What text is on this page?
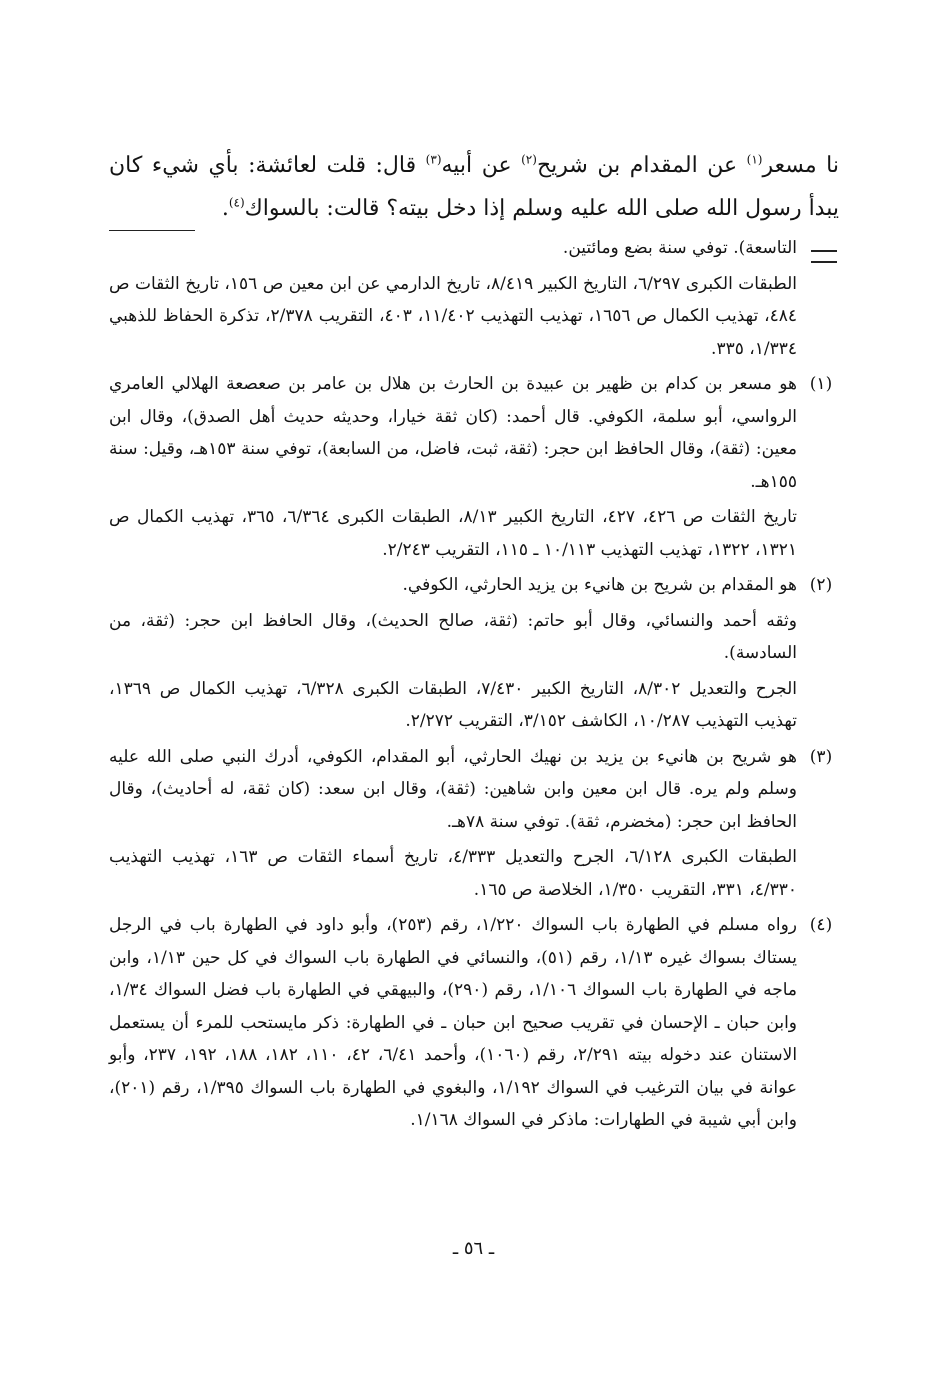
نا مسعر$^{(١)}$ عن المقدام بن شريح$^{(٢)}$ عن أبيه$^{(٣)}$ قال: قلت لعائشة: بأي شيء كان يبدأ رسول الله صلى الله عليه وسلم إذا دخل بيته؟ قالت: بالسواك$^{(٤)}$.

التاسعة). توفي سنة بضع ومائتين.

الطبقات الكبرى ٦/٢٩٧، التاريخ الكبير ٨/٤١٩، تاريخ الدارمي عن ابن معين ص ١٥٦، تاريخ الثقات ص ٤٨٤، تهذيب الكمال ص ١٦٥٦، تهذيب التهذيب ١١/٤٠٢، ٤٠٣، التقريب ٢/٣٧٨، تذكرة الحفاظ للذهبي ١/٣٣٤، ٣٣٥.

(١)
هو مسعر بن كدام بن ظهير بن عبيدة بن الحارث بن هلال بن عامر بن صعصعة الهلالي العامري الرواسي، أبو سلمة، الكوفي. قال أحمد: (كان ثقة خيارا، وحديثه حديث أهل الصدق)، وقال ابن معين: (ثقة)، وقال الحافظ ابن حجر: (ثقة، ثبت، فاضل، من السابعة)، توفي سنة ١٥٣هـ، وقيل: سنة ١٥٥هـ.

تاريخ الثقات ص ٤٢٦، ٤٢٧، التاريخ الكبير ٨/١٣، الطبقات الكبرى ٦/٣٦٤، ٣٦٥، تهذيب الكمال ص ١٣٢١، ١٣٢٢، تهذيب التهذيب ١٠/١١٣ ـ ١١٥، التقريب ٢/٢٤٣.

(٢)
هو المقدام بن شريح بن هانيء بن يزيد الحارثي، الكوفي.

وثقه أحمد والنسائي، وقال أبو حاتم: (ثقة، صالح الحديث)، وقال الحافظ ابن حجر: (ثقة، من السادسة).

الجرح والتعديل ٨/٣٠٢، التاريخ الكبير ٧/٤٣٠، الطبقات الكبرى ٦/٣٢٨، تهذيب الكمال ص ١٣٦٩، تهذيب التهذيب ١٠/٢٨٧، الكاشف ٣/١٥٢، التقريب ٢/٢٧٢.

(٣)
هو شريح بن هانيء بن يزيد بن نهيك الحارثي، أبو المقدام، الكوفي، أدرك النبي صلى الله عليه وسلم ولم يره. قال ابن معين وابن شاهين: (ثقة)، وقال ابن سعد: (كان ثقة، له أحاديث)، وقال الحافظ ابن حجر: (مخضرم، ثقة). توفي سنة ٧٨هـ.

الطبقات الكبرى ٦/١٢٨، الجرح والتعديل ٤/٣٣٣، تاريخ أسماء الثقات ص ١٦٣، تهذيب التهذيب ٤/٣٣٠، ٣٣١، التقريب ١/٣٥٠، الخلاصة ص ١٦٥.

(٤)
رواه مسلم في الطهارة باب السواك ١/٢٢٠، رقم (٢٥٣)، وأبو داود في الطهارة باب في الرجل يستاك بسواك غيره ١/١٣، رقم (٥١)، والنسائي في الطهارة باب السواك في كل حين ١/١٣، وابن ماجه في الطهارة باب السواك ١/١٠٦، رقم (٢٩٠)، والبيهقي في الطهارة باب فضل السواك ١/٣٤، وابن حبان ـ الإحسان في تقريب صحيح ابن حبان ـ في الطهارة: ذكر مايستحب للمرء أن يستعمل الاستنان عند دخوله بيته ٢/٢٩١، رقم (١٠٦٠)، وأحمد ٦/٤١، ٤٢، ١١٠، ١٨٢، ١٨٨، ١٩٢، ٢٣٧، وأبو عوانة في بيان الترغيب في السواك ١/١٩٢، والبغوي في الطهارة باب السواك ١/٣٩٥، رقم (٢٠١)، وابن أبي شيبة في الطهارات: ماذكر في السواك ١/١٦٨.
ـ ٥٦ ـ
